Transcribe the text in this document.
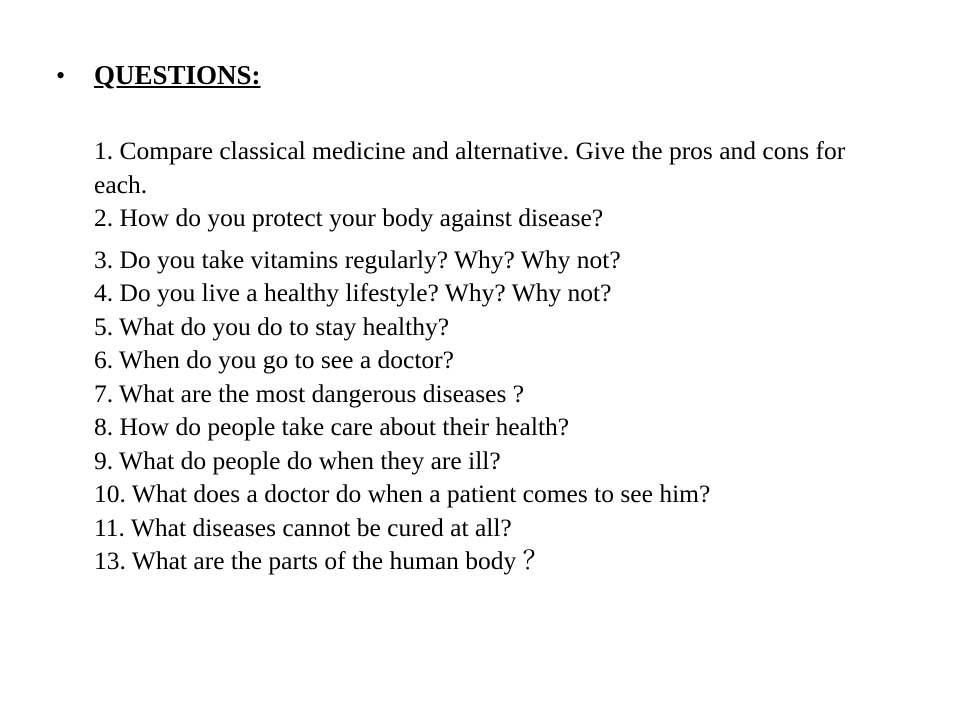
•	QUESTIONS:
1. Compare classical medicine and alternative. Give the pros and cons for each.
2. How do you protect your body against disease?
3. Do you take vitamins regularly? Why? Why not?
4. Do you live a healthy lifestyle? Why? Why not?
5. What do you do to stay healthy?
6. When do you go to see a doctor?
7. What are the most dangerous diseases ?
8. How do people take care about their health?
9. What do people do when they are ill?
10. What does a doctor do when a patient comes to see him?
11. What diseases cannot be cured at all?
13. What are the parts of the human body ？
